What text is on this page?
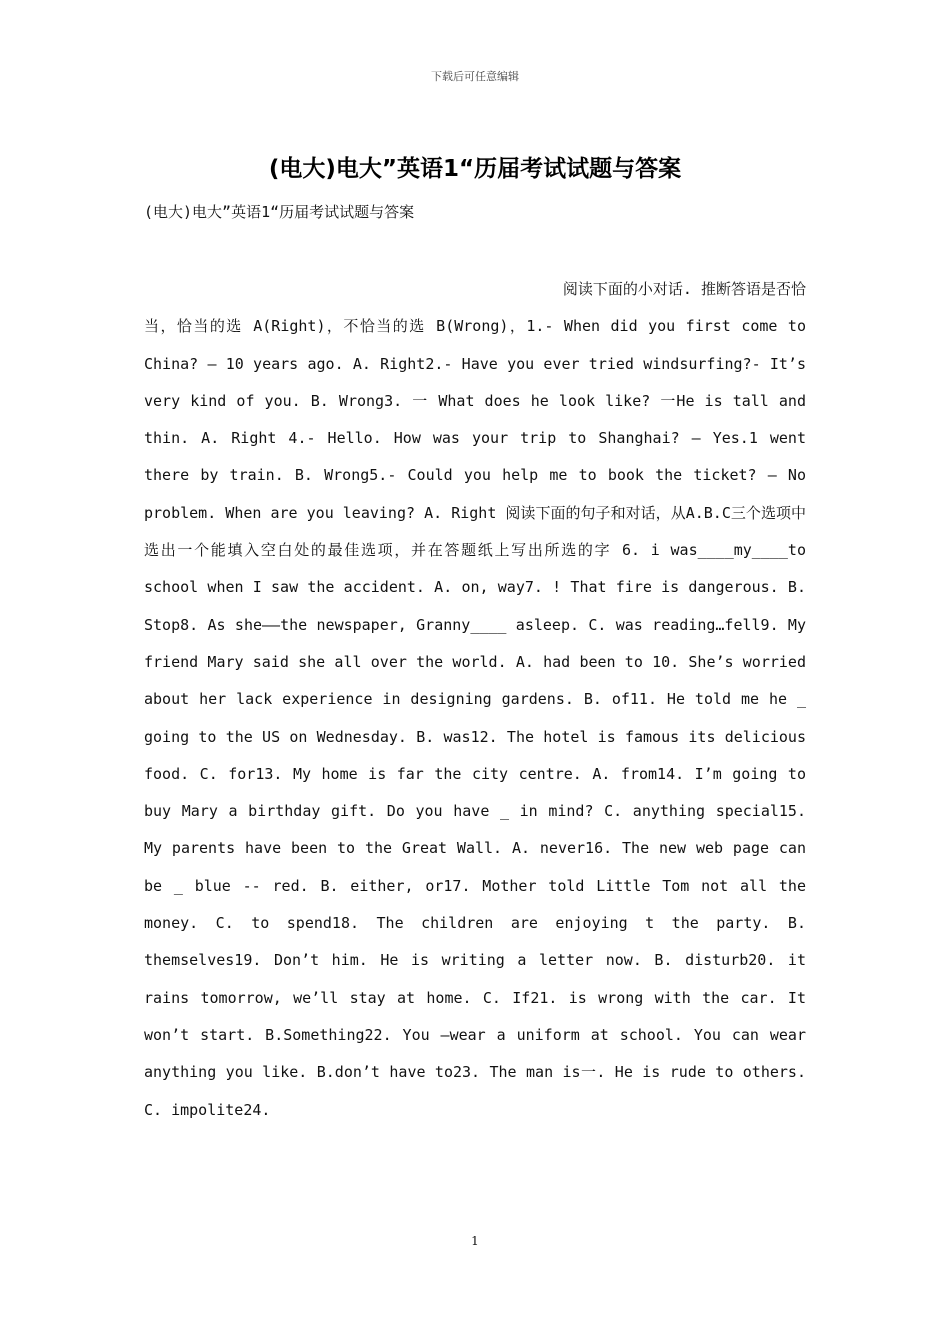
下载后可任意编辑
(电大)电大”英语1“历届考试试题与答案
(电大)电大”英语1“历届考试试题与答案
阅读下面的小对话. 推断答语是否恰
当，恰当的选 A(Right)，不恰当的选 B(Wrong)，1.- When did you first come to China? – 10 years ago. A. Right2.- Have you ever tried windsurfing?- It’s very kind of you. B. Wrong3. 一 What does he look like? 一He is tall and thin. A. Right 4.- Hello. How was your trip to Shanghai? – Yes.1 went there by train. B. Wrong5.- Could you help me to book the ticket? – No problem. When are you leaving? A. Right 阅读下面的句子和对话，从A.B.C三个选项中选出一个能填入空白处的最佳选项，并在答题纸上写出所选的字 6. i was____my____to school when I saw the accident. A. on, way7. ! That fire is dangerous. B. Stop8. As she——the newspaper, Granny____ asleep. C. was reading…fell9. My friend Mary said she all over the world. A. had been to 10. She’s worried about her lack experience in designing gardens. B. of11. He told me he _ going to the US on Wednesday. B. was12. The hotel is famous its delicious food. C. for13. My home is far the city centre. A. from14. I’m going to buy Mary a birthday gift. Do you have _ in mind? C. anything special15. My parents have been to the Great Wall. A. never16. The new web page can be _ blue -- red. B. either, or17. Mother told Little Tom not all the money. C. to spend18. The children are enjoying t the party. B. themselves19. Don’t him. He is writing a letter now. B. disturb20. it rains tomorrow, we’ll stay at home. C. If21. is wrong with the car. It won’t start. B.Something22. You —wear a uniform at school. You can wear anything you like. B.don’t have to23. The man is一. He is rude to others. C. impolite24.
1
